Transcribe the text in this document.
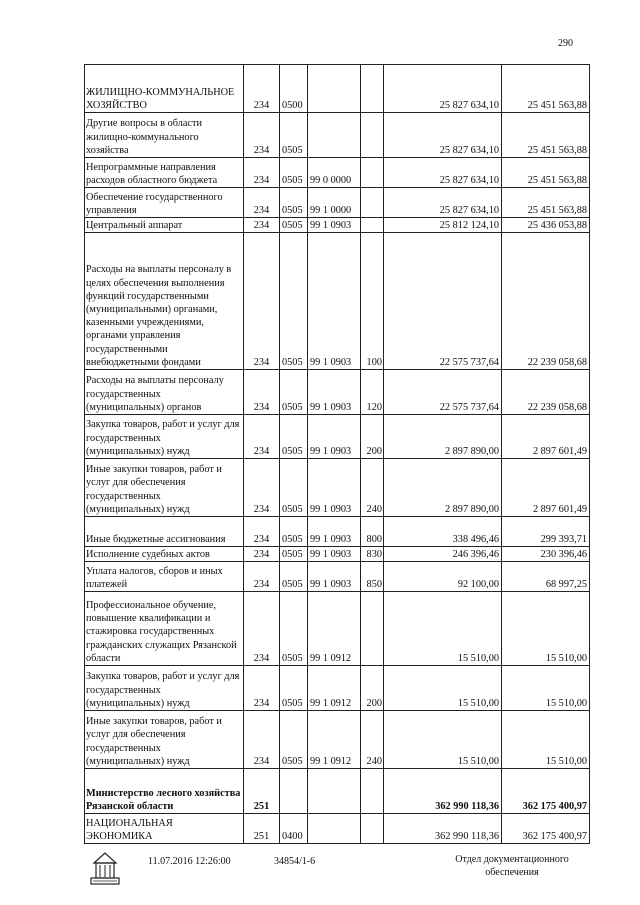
290
ЖИЛИЩНО-КОММУНАЛЬНОЕ ХОЗЯЙСТВО	234	0500			25 827 634,10	25 451 563,88
Другие вопросы в области жилищно-коммунального хозяйства	234	0505			25 827 634,10	25 451 563,88
Непрограммные направления расходов областного бюджета	234	0505	99 0 0000		25 827 634,10	25 451 563,88
Обеспечение государственного управления	234	0505	99 1 0000		25 827 634,10	25 451 563,88
Центральный аппарат	234	0505	99 1 0903		25 812 124,10	25 436 053,88
Расходы на выплаты персоналу в целях обеспечения выполнения функций государственными (муниципальными) органами, казенными учреждениями, органами управления государственными внебюджетными фондами	234	0505	99 1 0903	100	22 575 737,64	22 239 058,68
Расходы на выплаты персоналу государственных (муниципальных) органов	234	0505	99 1 0903	120	22 575 737,64	22 239 058,68
Закупка товаров, работ и услуг для государственных (муниципальных) нужд	234	0505	99 1 0903	200	2 897 890,00	2 897 601,49
Иные закупки товаров, работ и услуг для обеспечения государственных (муниципальных) нужд	234	0505	99 1 0903	240	2 897 890,00	2 897 601,49
Иные бюджетные ассигнования	234	0505	99 1 0903	800	338 496,46	299 393,71
Исполнение судебных актов	234	0505	99 1 0903	830	246 396,46	230 396,46
Уплата налогов, сборов и иных платежей	234	0505	99 1 0903	850	92 100,00	68 997,25
Профессиональное обучение, повышение квалификации и стажировка государственных гражданских служащих Рязанской области	234	0505	99 1 0912		15 510,00	15 510,00
Закупка товаров, работ и услуг для государственных (муниципальных) нужд	234	0505	99 1 0912	200	15 510,00	15 510,00
Иные закупки товаров, работ и услуг для обеспечения государственных (муниципальных) нужд	234	0505	99 1 0912	240	15 510,00	15 510,00
Министерство лесного хозяйства Рязанской области	251				362 990 118,36	362 175 400,97
НАЦИОНАЛЬНАЯ ЭКОНОМИКА	251	0400			362 990 118,36	362 175 400,97
11.07.2016 12:26:00	34854/1-6	Отдел документационного обеспечения
